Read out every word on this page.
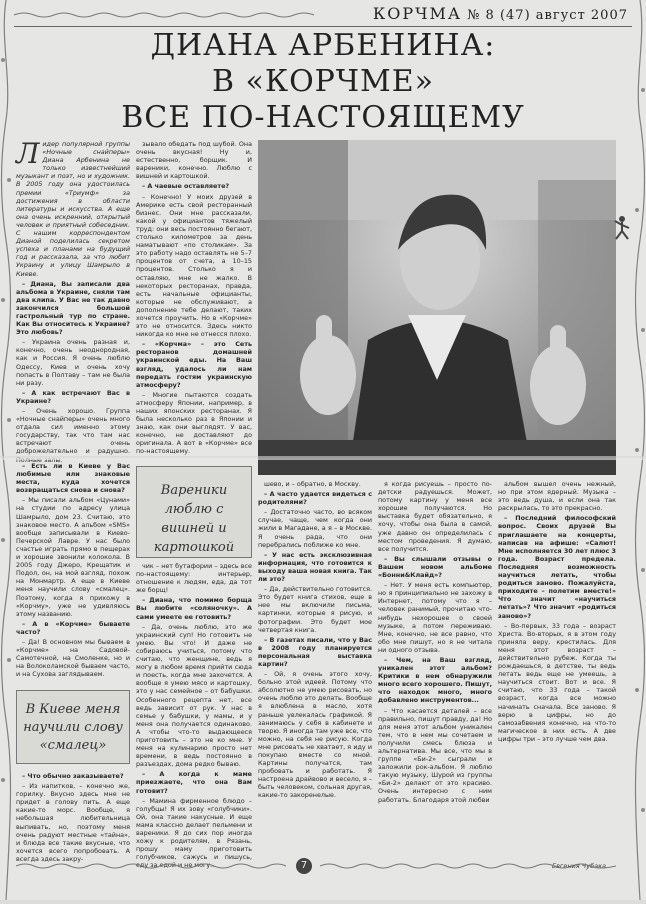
КОРЧМА № 8 (47) август 2007
ДИАНА АРБЕНИНА:
В «КОРЧМЕ»
ВСЕ ПО-НАСТОЯЩЕМУ

Лидер популярной группы «Ночные снайперы» Диана Арбенина не только известнейший музыкант и поэт, но и художник. В 2005 году она удостоилась премии «Триумф» за достижения в области литературы и искусства. А еще она очень искренний, открытый человек и приятный собеседник. С нашим корреспондентом Дианой поделилась секретом успеха и планами на будущий год и рассказала, за что любит Украину и улицу Шамрыло в Киеве.

– Диана, Вы записали два альбома в Украине, сняли там два клипа. У Вас не так давно закончился большой гастрольный тур по стране. Как Вы относитесь к Украине? Это любовь?

– Украина очень разная и, конечно, очень неоднородная, как и Россия. Я очень люблю Одессу, Киев и очень хочу попасть в Полтаву – там не была ни разу.

– А как встречают Вас в Украине?

– Очень хорошо. Группа «Ночные снайперы» очень много отдала сил именно этому государству, так что там нас встречают очень доброжелательно и радушно.

зывало обедать под шубой. Она очень вкусная! Ну и, естественно, борщик. И вареники, конечно. Люблю с вишней и картошкой.

– А чаевые оставляете?

– Конечно! У моих друзей в Америке есть свой ресторанный бизнес. Они мне рассказали, какой у официантов тяжелый труд: они весь постоянно бегают, столько километров за день наматывают «по столикам». За это работу надо оставлять не 5–7 процентов от счета, а 10–15 процентов. Столько я и оставляю, мне не жалко. В некоторых ресторанах, правда, есть начальные официанты, которые не обслуживают, а дополнение тебе делают, таких хочется проучить. Но в «Корчме» это не относится. Здесь никто никогда ко мне не отнесся плохо.

– «Корчма» – это Сеть ресторанов домашней украинской еды. На Ваш взгляд, удалось ли нам передать гостям украинскую атмосферу?

– Многие пытаются создать атмосферу Японии, например, в наших японских ресторанах. Я была несколько раз в Японии и знаю, как они выглядят. У вас, конечно, не доставляют до оригинала. А вот в «Корчме» все по-настоящему.

– Есть ли в Киеве у Вас любимые или знаковые места, куда хочется возвращаться снова и снова?

– Мы писали альбом «Цунами» на студии по адресу улица Шамрыло, дом 23. Считаю, это знаковое место. А альбом «SMS» вообще записывали в Киево-Печерской Лавре. У нас было счастье играть прямо в пещерах и хорошие звонили колокола. В 2005 году Джеро, Крещатик и Подол, он, на мой взгляд, похож на Монмартр. А еще в Киеве меня научили слову «смалец». Поэтому, когда я прихожу в «Корчму», уже не удивляюсь этому названию.

– А в «Корчме» бываете часто?

– Да! В основном мы бываем в «Корчме» на Садовой-Самотечной, на Смоленке, но и на Волоколамской бываем часто, и на Сухова заглядываем.

В Киеве меня
научили слову
«смалец»

– Что обычно заказываете?

– Из напитков, – конечно же, горилку. Вкусно здесь мне не придет в голову пить. А еще какие-то морс. Вообще, я небольшая любительница выпивать, но, поэтому меня очень радуют местные «тайна», и блюда все такие вкусные, что хочется всего попробовать. А всегда здесь закру-

Вареники люблю с
вишней и
картошкой

чик – нет бутафории – здесь все по-настоящему: интерьер, отношение к людям, еда, да тот же борщ!

– Диана, что помимо борща Вы любите «соляночку». А сами умеете ее готовить?

– Да, очень люблю, это же украинский суп! Но готовить не умею. Вы что! И даже не собираюсь учиться, потому что считаю, что женщине, ведь я могу в любом время прийти сюда и поесть, когда мне захочется. А вообще я умею мясо и картошку, это у нас семейное – от бабушки. Особенного рецепта нет, все ведь зависит от рук. У нас в семье у бабушки, у мамы, и у меня она получается одинаково. А чтобы что-то выдающееся приготовить – это не ко мне. У меня на кулинарию просто нет времени, в ведь постоянно в разъездах, дома редко бываю.

– А когда к маме приезжаете, что она Вам готовит?

– Мамина фирменное блюдо – голубцы! Я их зову «голубчики». Ой, она такие накусные. И еще мама классно делает пельмени и вареники. Я до сих пор иногда хожу к родителям, в Рязань, прошу маму приготовить голубчиков, сажусь и пишусь, еду за едой и не могу...

шево, и – обратно, в Москву.

– А часто удается видеться с родителями?

– Достаточно часто, во всяком случае, чаще, чем когда они жили в Магадане, а я – в Москве. Я очень рада, что они перебрались поближе ко мне.

– У нас есть эксклюзивная информация, что готовится к выходу ваша новая книга. Так ли это?

– Да, действительно готовится. Это будет книга стихов, еще в нее мы включили письма, картинки, которые я рисую, и фотографии. Это будет мое четвертая книга.

– В газетах писали, что у Вас в 2008 году планируется персональная выставка картин?

– Ой, я очень этого хочу, больно этой идеей. Потому что абсолютно не умею рисовать, но очень люблю это делать. Вообще я влюблена в масло, хотя раньше увлекалась графикой. Я занимаюсь у себя в кабинете и творю. Я иногда там уже все, что можно, на себя не рисую. Когда мне рисовать не хватает, я иду и покупаю вместе со мной. Картины получатся, там пробовать и работать. Я настроена драйвово и весело, я – быть человеком, сольная другая, какие-то закоренелые.

я когда рисуешь – просто по-детски радуешься. Может, потому картину у меня все хорошие получаются. Но выставка будет обязательно, я хочу, чтобы она была в самой, уже давно он определилась с местом проведения. Я думаю, все получится.

– Вы слышали отзывы о Вашем новом альбоме «Бонни&Клайд»?

– Нет. У меня есть компьютер, но я принципиально не захожу в Интернет, потому что я – человек ранимый, прочитаю что-нибудь нехорошее о своей музыке, а потом переживаю. Мне, конечно, не все равно, что обо мне пишут, но я не читала ни одного отзыва.

– Чем, на Ваш взгляд, уникален этот альбом? Критики в нем обнаружили много всего хорошего. Пишут, что находок много, много добавлено инструментов...

– Что касается деталей – все правильно, пишут правду, да! Но для меня этот альбом уникален тем, что в нем мы сочетаем и получили смесь блюза и альтернатива. Мы все, что мы в группе «Би-2» сыграли и заложили рок-альбом. Я люблю такую музыку, Шурой из группы «Би-2» делают от это красиво. Очень интересно с ним работать. Благодаря этой любви

альбом вышел очень нежный, но при этом ядерный. Музыка – это ведь душа, и если она так раскрылась, то это прекрасно.

– Последний философский вопрос. Своих друзей Вы приглашаете на концерты, написав на афише: «Салют! Мне исполняется 30 лет плюс 3 года. Возраст предела. Последняя возможность научиться летать, чтобы родиться заново. Пожалуйста, приходите – полетим вместе!» Что значит «научиться летать»? Что значит «родиться заново»?

– Во-первых, 33 года – возраст Христа. Во-вторых, я в этом году приняла веру, крестилась. Для меня этот возраст – действительно рубеж. Когда ты рождаешься, в детстве, ты ведь летать ведь еще не умеешь, а научиться стоит. Вот и все. Я считаю, что 33 года – такой возраст, когда все можно начинать сначала. Все заново. Я верю в цифры, но до самозабвения конечно, на что-то магическое в них есть. А две цифры три – это лучше чем два.

Евгения Чубака
7
